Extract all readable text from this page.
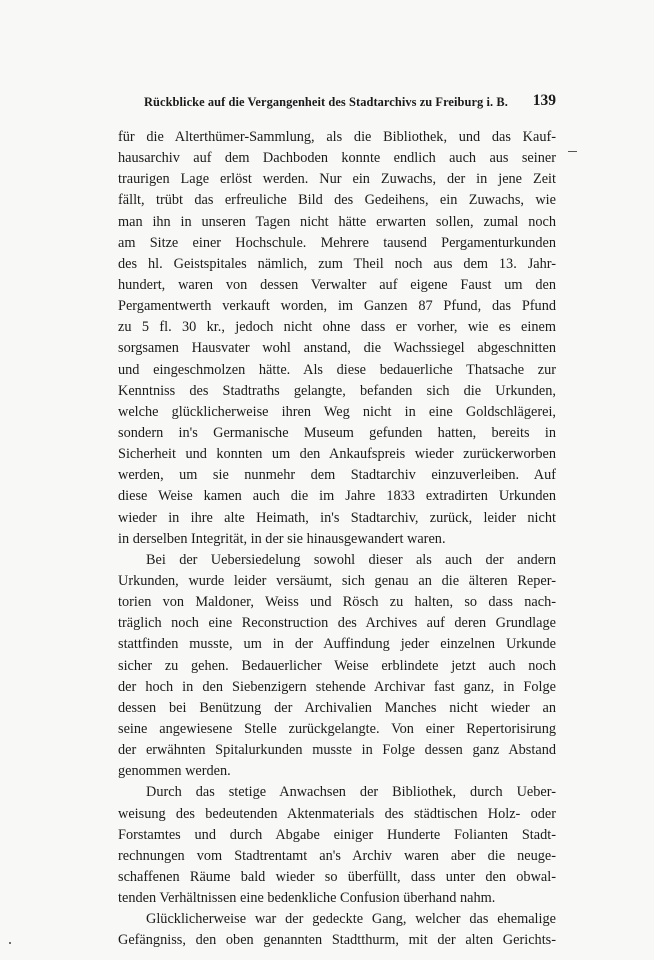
Rückblicke auf die Vergangenheit des Stadtarchivs zu Freiburg i. B. 139
für die Alterthümer-Sammlung, als die Bibliothek, und das Kauf-
hausarchiv auf dem Dachboden konnte endlich auch aus seiner
traurigen Lage erlöst werden. Nur ein Zuwachs, der in jene Zeit
fällt, trübt das erfreuliche Bild des Gedeihens, ein Zuwachs, wie
man ihn in unseren Tagen nicht hätte erwarten sollen, zumal noch
am Sitze einer Hochschule. Mehrere tausend Pergamenturkunden
des hl. Geistspitales nämlich, zum Theil noch aus dem 13. Jahr-
hundert, waren von dessen Verwalter auf eigene Faust um den
Pergamentwerth verkauft worden, im Ganzen 87 Pfund, das Pfund
zu 5 fl. 30 kr., jedoch nicht ohne dass er vorher, wie es einem
sorgsamen Hausvater wohl anstand, die Wachssiegel abgeschnitten
und eingeschmolzen hätte. Als diese bedauerliche Thatsache zur
Kenntniss des Stadtraths gelangte, befanden sich die Urkunden,
welche glücklicherweise ihren Weg nicht in eine Goldschlägerei,
sondern in's Germanische Museum gefunden hatten, bereits in
Sicherheit und konnten um den Ankaufspreis wieder zurückerworben
werden, um sie nunmehr dem Stadtarchiv einzuverleiben. Auf
diese Weise kamen auch die im Jahre 1833 extradirten Urkunden
wieder in ihre alte Heimath, in's Stadtarchiv, zurück, leider nicht
in derselben Integrität, in der sie hinausgewandert waren.
Bei der Uebersiedelung sowohl dieser als auch der andern
Urkunden, wurde leider versäumt, sich genau an die älteren Reper-
torien von Maldoner, Weiss und Rösch zu halten, so dass nach-
träglich noch eine Reconstruction des Archives auf deren Grundlage
stattfinden musste, um in der Auffindung jeder einzelnen Urkunde
sicher zu gehen. Bedauerlicher Weise erblindete jetzt auch noch
der hoch in den Siebenzigern stehende Archivar fast ganz, in Folge
dessen bei Benützung der Archivalien Manches nicht wieder an
seine angewiesene Stelle zurückgelangte. Von einer Repertorisirung
der erwähnten Spitalurkunden musste in Folge dessen ganz Abstand
genommen werden.
Durch das stetige Anwachsen der Bibliothek, durch Ueber-
weisung des bedeutenden Aktenmaterials des städtischen Holz- oder
Forstamtes und durch Abgabe einiger Hunderte Folianten Stadt-
rechnungen vom Stadtrentamt an's Archiv waren aber die neuge-
schaffenen Räume bald wieder so überfüllt, dass unter den obwal-
tenden Verhältnissen eine bedenkliche Confusion überhand nahm.
Glücklicherweise war der gedeckte Gang, welcher das ehemalige
Gefängniss, den oben genannten Stadtthurm, mit der alten Gerichts-
